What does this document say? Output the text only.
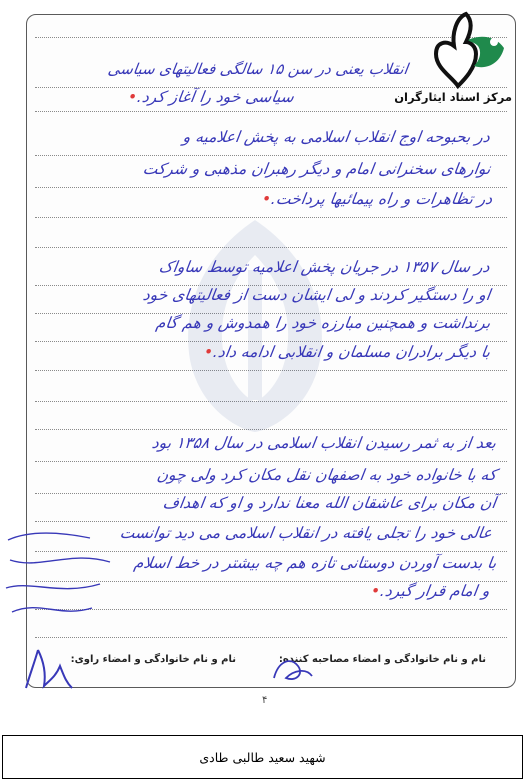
مرکز اسناد ایثارگران
انقلاب یعنی در سن ۱۵ سالگی فعالیتهای سیاسی
سیاسی خود را آغاز کرد.•
در بحبوحه اوج انقلاب اسلامی به پخش اعلامیه و
نوارهای سخنرانی امام و دیگر رهبران مذهبی و شرکت
در تظاهرات و راه پیمائیها پرداخت.•
در سال ۱۳۵۷ در جریان پخش اعلامیه توسط ساواک
او را دستگیر کردند و لی ایشان دست از فعالیتهای خود
برنداشت و همچنین مبارزه خود را همدوش و هم گام
با دیگر برادران مسلمان و انقلابی ادامه داد.•
بعد از به ثمر رسیدن انقلاب اسلامی در سال ۱۳۵۸ بود
که با خانواده خود به اصفهان نقل مکان کرد ولی چون
آن مکان برای عاشقان الله معنا ندارد و او که اهداف
عالی خود را تجلی یافته در انقلاب اسلامی می دید توانست
با بدست آوردن دوستانی تازه هم چه بیشتر در خط اسلام
و امام قرار گیرد.•
نام و نام خانوادگی و امضاء مصاحبه کننده:
نام و نام خانوادگی و امضاء راوی:
۴
شهید سعید طالبی طادی
